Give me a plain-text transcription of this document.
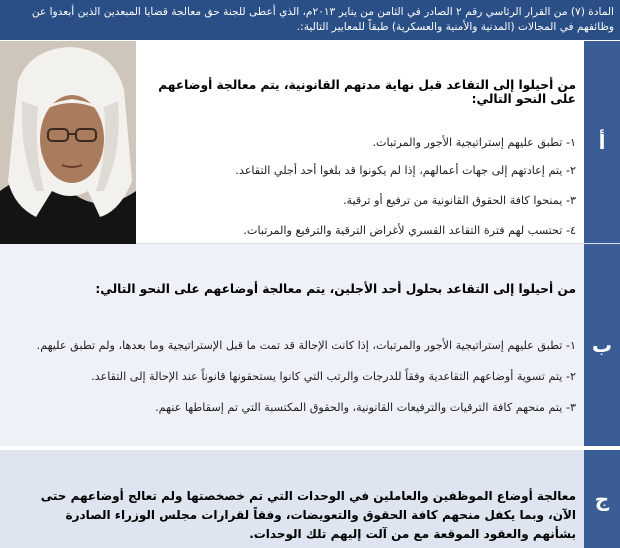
المادة (٧) من القرار الرئاسي رقم ٢ الصادر في الثامن من يناير ٢٠١٣م، الذي أعطى للجنة حق معالجة قضايا المبعدين الذين أبعدوا عن وظائفهم في المجالات (المدنية والأمنية والعسكرية) طبقاً للمعايير التالية:.
أ
من أحيلوا إلى التقاعد قبل نهاية مدتهم القانونية، يتم معالجة أوضاعهم على النحو التالي:
١- تطبق عليهم إستراتيجية الأجور والمرتبات.
٢- يتم إعادتهم إلى جهات أعمالهم، إذا لم يكونوا قد بلغوا أحد أجلي التقاعد.
٣- يمنحوا كافة الحقوق القانونية من ترفيع أو ترقية.
٤- تحتسب لهم فترة التقاعد القسري لأغراض الترقية والترفيع والمرتبات.
ب
من أحيلوا إلى التقاعد بحلول أحد الأجلين، يتم معالجة أوضاعهم على النحو التالي:
١- تطبق عليهم إستراتيجية الأجور والمرتبات، إذا كانت الإحالة قد تمت ما قبل الإستراتيجية وما بعدها، ولم تطبق عليهم.
٢- يتم تسوية أوضاعهم التقاعدية وفقاً للدرجات والرتب التي كانوا يستحقونها قانوناً عند الإحالة إلى التقاعد.
٣- يتم منحهم كافة الترقيات والترفيعات القانونية، والحقوق المكتسبة التي تم إسقاطها عنهم.
ج
معالجة أوضاع الموظفين والعاملين في الوحدات التي تم خصخصتها ولم تعالج أوضاعهم حتى الآن، وبما يكفل منحهم كافة الحقوق والتعويضات، وفقاً لقرارات مجلس الوزراء الصادرة بشأنهم والعقود الموقعة مع من آلت إليهم تلك الوحدات.
